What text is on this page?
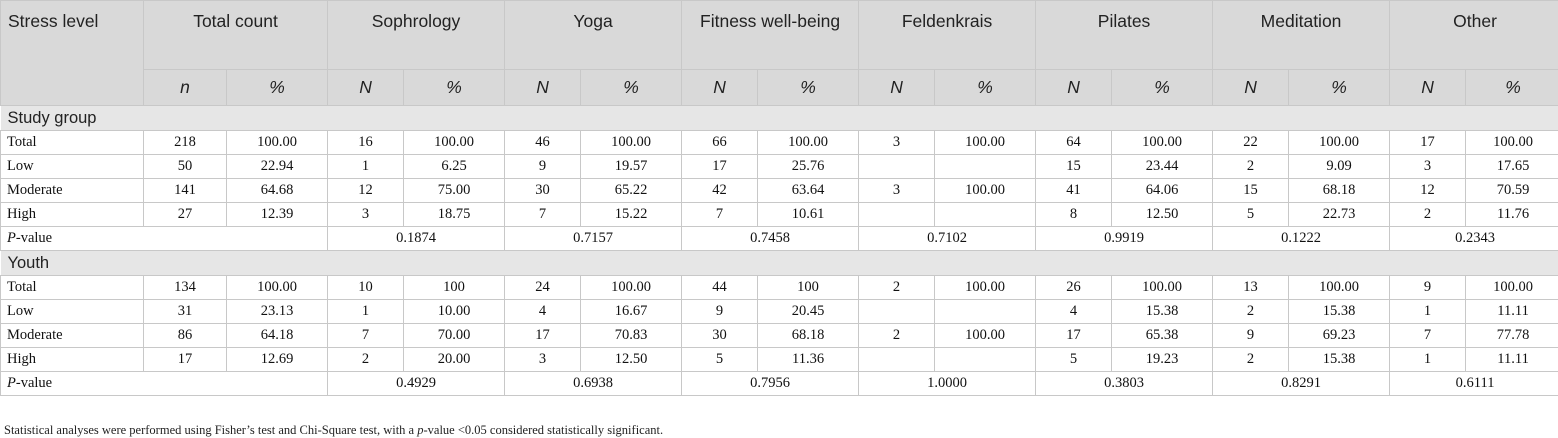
Stress level	Total count		Sophrology		Yoga		Fitness well-being		Feldenkrais		Pilates		Meditation		Other	
	n	%	N	%	N	%	N	%	N	%	N	%	N	%	N	%
Study group																
Total	218	100.00	16	100.00	46	100.00	66	100.00	3	100.00	64	100.00	22	100.00	17	100.00
Low	50	22.94	1	6.25	9	19.57	17	25.76			15	23.44	2	9.09	3	17.65
Moderate	141	64.68	12	75.00	30	65.22	42	63.64	3	100.00	41	64.06	15	68.18	12	70.59
High	27	12.39	3	18.75	7	15.22	7	10.61			8	12.50	5	22.73	2	11.76
P-value			0.1874		0.7157		0.7458		0.7102		0.9919		0.1222		0.2343	
Youth																
Total	134	100.00	10	100	24	100.00	44	100	2	100.00	26	100.00	13	100.00	9	100.00
Low	31	23.13	1	10.00	4	16.67	9	20.45			4	15.38	2	15.38	1	11.11
Moderate	86	64.18	7	70.00	17	70.83	30	68.18	2	100.00	17	65.38	9	69.23	7	77.78
High	17	12.69	2	20.00	3	12.50	5	11.36			5	19.23	2	15.38	1	11.11
P-value			0.4929		0.6938		0.7956		1.0000		0.3803		0.8291		0.6111	
Statistical analyses were performed using Fisher’s test and Chi-Square test, with a p-value <0.05 considered statistically significant.
